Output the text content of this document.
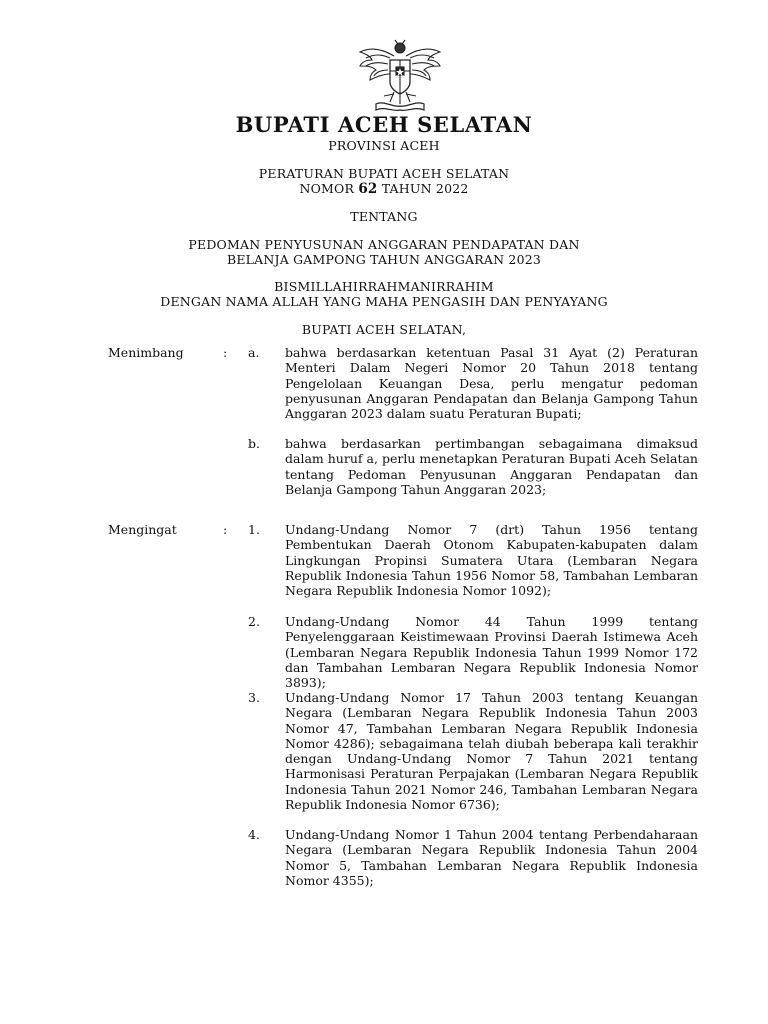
BUPATI ACEH SELATAN
PROVINSI ACEH
PERATURAN BUPATI ACEH SELATAN
NOMOR 62 TAHUN 2022
TENTANG
PEDOMAN PENYUSUNAN ANGGARAN PENDAPATAN DAN
BELANJA GAMPONG TAHUN ANGGARAN 2023
BISMILLAHIRRAHMANIRRAHIM
DENGAN NAMA ALLAH YANG MAHA PENGASIH DAN PENYAYANG
BUPATI ACEH SELATAN,
Menimbang	: a. bahwa berdasarkan ketentuan Pasal 31 Ayat (2) Peraturan Menteri Dalam Negeri Nomor 20 Tahun 2018 tentang Pengelolaan Keuangan Desa, perlu mengatur pedoman penyusunan Anggaran Pendapatan dan Belanja Gampong Tahun Anggaran 2023 dalam suatu Peraturan Bupati;
b. bahwa berdasarkan pertimbangan sebagaimana dimaksud dalam huruf a, perlu menetapkan Peraturan Bupati Aceh Selatan tentang Pedoman Penyusunan Anggaran Pendapatan dan Belanja Gampong Tahun Anggaran 2023;
Mengingat	: 1. Undang-Undang Nomor 7 (drt) Tahun 1956 tentang Pembentukan Daerah Otonom Kabupaten-kabupaten dalam Lingkungan Propinsi Sumatera Utara (Lembaran Negara Republik Indonesia Tahun 1956 Nomor 58, Tambahan Lembaran Negara Republik Indonesia Nomor 1092);
2. Undang-Undang Nomor 44 Tahun 1999 tentang Penyelenggaraan Keistimewaan Provinsi Daerah Istimewa Aceh (Lembaran Negara Republik Indonesia Tahun 1999 Nomor 172 dan Tambahan Lembaran Negara Republik Indonesia Nomor 3893);
3. Undang-Undang Nomor 17 Tahun 2003 tentang Keuangan Negara (Lembaran Negara Republik Indonesia Tahun 2003 Nomor 47, Tambahan Lembaran Negara Republik Indonesia Nomor 4286); sebagaimana telah diubah beberapa kali terakhir dengan Undang-Undang Nomor 7 Tahun 2021 tentang Harmonisasi Peraturan Perpajakan (Lembaran Negara Republik Indonesia Tahun 2021 Nomor 246, Tambahan Lembaran Negara Republik Indonesia Nomor 6736);
4. Undang-Undang Nomor 1 Tahun 2004 tentang Perbendaharaan Negara (Lembaran Negara Republik Indonesia Tahun 2004 Nomor 5, Tambahan Lembaran Negara Republik Indonesia Nomor 4355);
